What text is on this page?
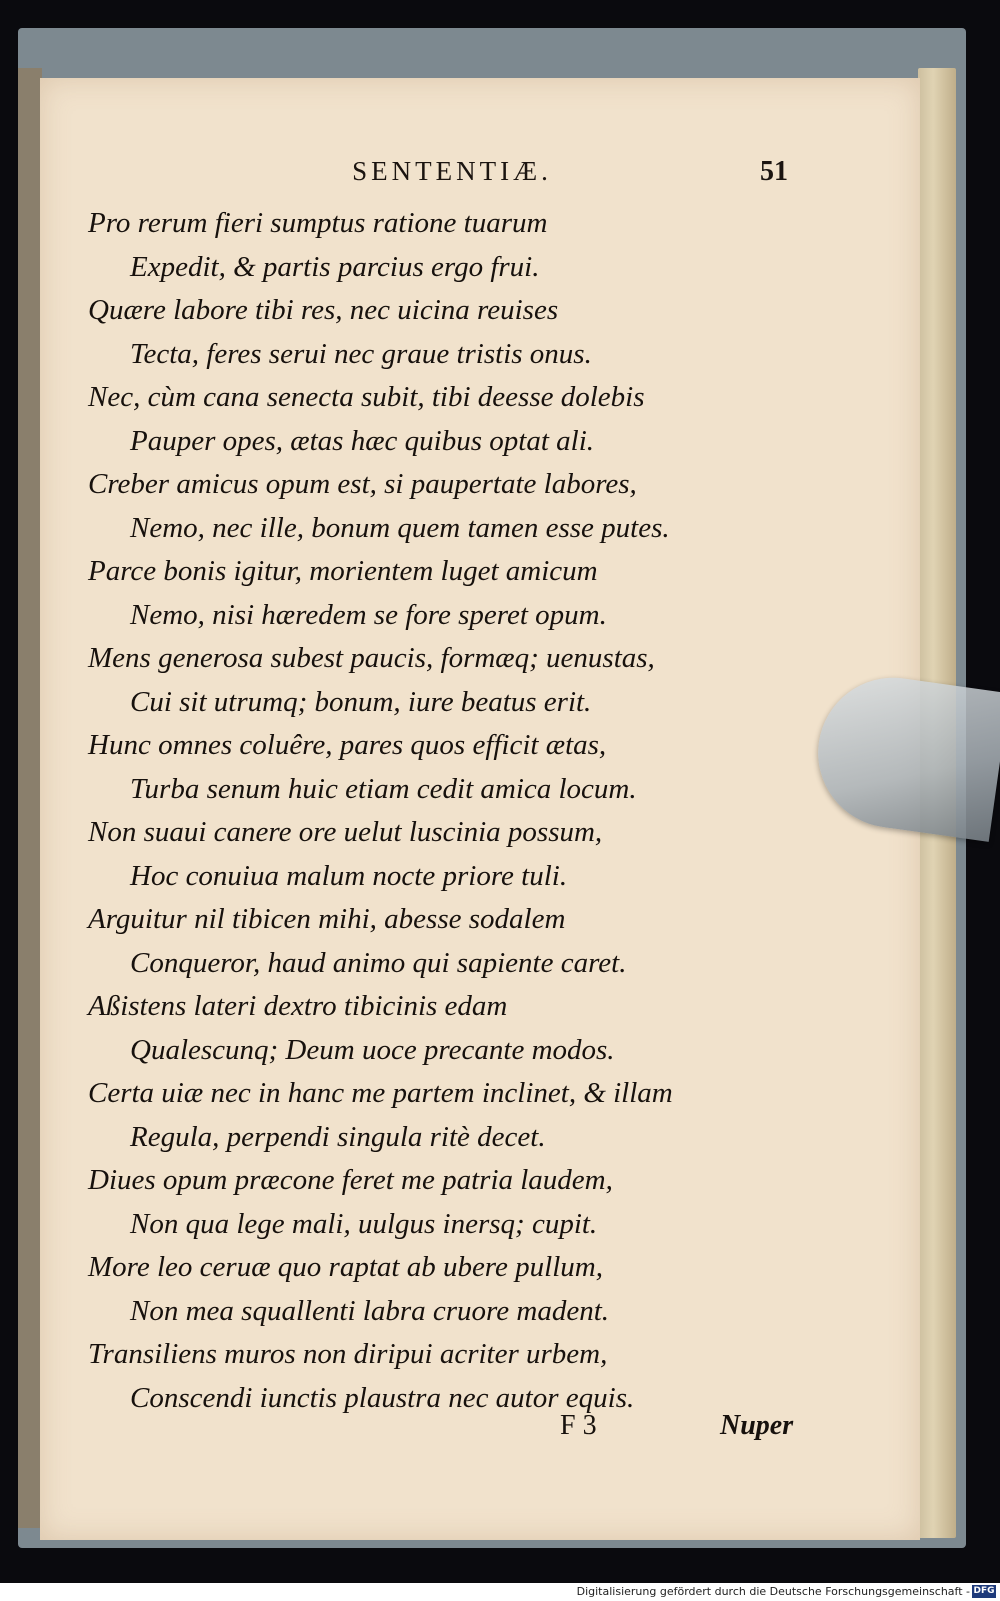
SENTENTIÆ.	51
Pro rerum fieri sumptus ratione tuarum
Expedit, & partis parcius ergo frui.
Quære labore tibi res, nec uicina reuises
Tecta, feres serui nec graue tristis onus.
Nec, cùm cana senecta subit, tibi deesse dolebis
Pauper opes, ætas hæc quibus optat ali.
Creber amicus opum est, si paupertate labores,
Nemo, nec ille, bonum quem tamen esse putes.
Parce bonis igitur, morientem luget amicum
Nemo, nisi hæredem se fore speret opum.
Mens generosa subest paucis, formæq; uenustas,
Cui sit utrumq; bonum, iure beatus erit.
Hunc omnes coluêre, pares quos efficit ætas,
Turba senum huic etiam cedit amica locum.
Non suaui canere ore uelut luscinia possum,
Hoc conuiua malum nocte priore tuli.
Arguitur nil tibicen mihi, abesse sodalem
Conqueror, haud animo qui sapiente caret.
Aßistens lateri dextro tibicinis edam
Qualescunq; Deum uoce precante modos.
Certa uiæ nec in hanc me partem inclinet, & illam
Regula, perpendi singula ritè decet.
Diues opum præcone feret me patria laudem,
Non qua lege mali, uulgus inersq; cupit.
More leo ceruæ quo raptat ab ubere pullum,
Non mea squallenti labra cruore madent.
Transiliens muros non diripui acriter urbem,
Conscendi iunctis plaustra nec autor equis.
F 3	Nuper
Digitalisierung gefördert durch die Deutsche Forschungsgemeinschaft - DFG
